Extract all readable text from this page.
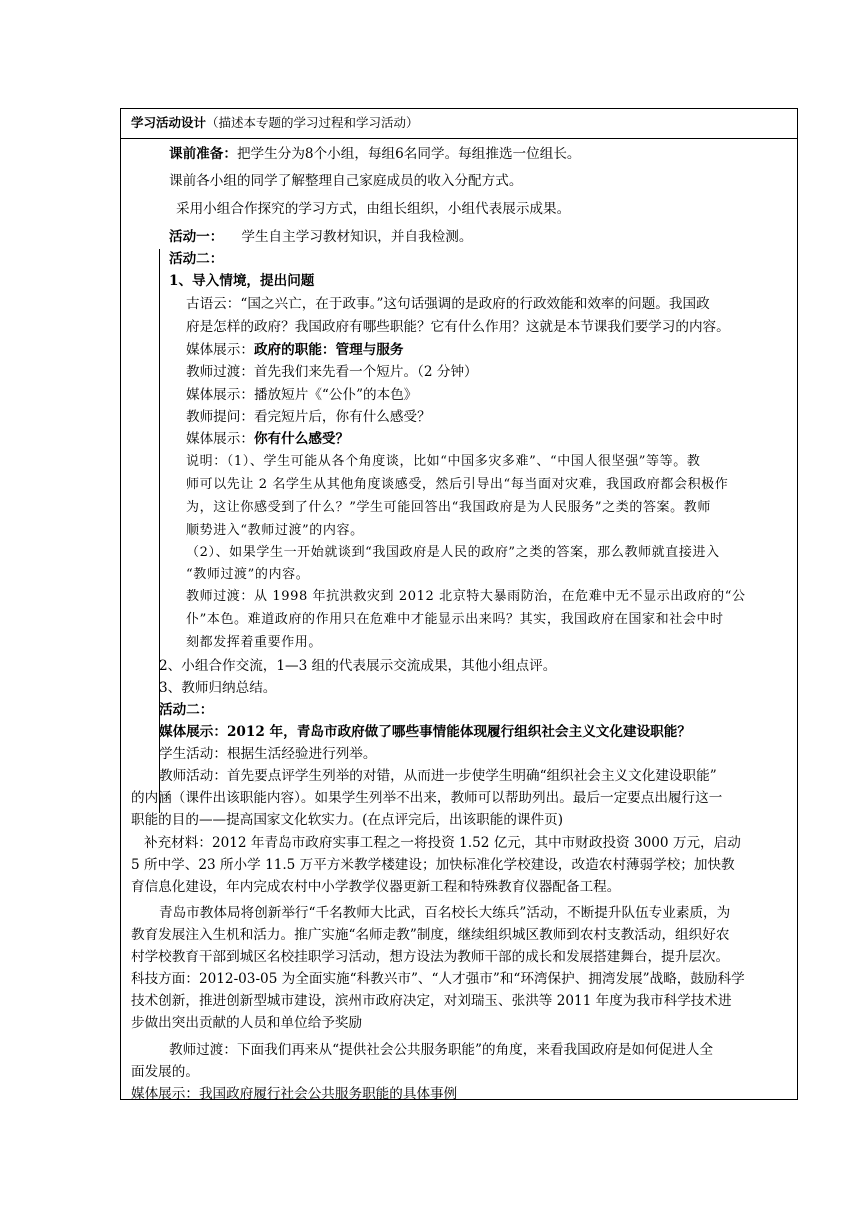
学习活动设计（描述本专题的学习过程和学习活动）
课前准备：把学生分为8个小组，每组6名同学。每组推选一位组长。
课前各小组的同学了解整理自己家庭成员的收入分配方式。
采用小组合作探究的学习方式，由组长组织，小组代表展示成果。
活动一： 学生自主学习教材知识，并自我检测。
活动二：
1、导入情境，提出问题
古语云：“国之兴亡，在于政事。”这句话强调的是政府的行政效能和效率的问题。我国政
府是怎样的政府？我国政府有哪些职能？它有什么作用？这就是本节课我们要学习的内容。
媒体展示：政府的职能：管理与服务
教师过渡：首先我们来先看一个短片。（2 分钟）
媒体展示：播放短片《“公仆”的本色》
教师提问：看完短片后，你有什么感受？
媒体展示：你有什么感受？
说明：（1）、学生可能从各个角度谈，比如“中国多灾多难”、“中国人很坚强”等等。教
师可以先让 2 名学生从其他角度谈感受，然后引导出“每当面对灾难，我国政府都会积极作
为，这让你感受到了什么？”学生可能回答出“我国政府是为人民服务”之类的答案。教师
顺势进入“教师过渡”的内容。
（2）、如果学生一开始就谈到“我国政府是人民的政府”之类的答案，那么教师就直接进入
“教师过渡”的内容。
教师过渡：从 1998 年抗洪救灾到 2012 北京特大暴雨防治，在危难中无不显示出政府的“公
仆”本色。难道政府的作用只在危难中才能显示出来吗？其实，我国政府在国家和社会中时
刻都发挥着重要作用。
2、小组合作交流，1—3 组的代表展示交流成果，其他小组点评。
3、教师归纳总结。
活动二：
媒体展示：2012 年，青岛市政府做了哪些事情能体现履行组织社会主义文化建设职能？
学生活动：根据生活经验进行列举。
教师活动：首先要点评学生列举的对错，从而进一步使学生明确“组织社会主义文化建设职能”
的内涵（课件出该职能内容）。如果学生列举不出来，教师可以帮助列出。最后一定要点出履行这一
职能的目的——提高国家文化软实力。(在点评完后，出该职能的课件页)
补充材料：2012 年青岛市政府实事工程之一将投资 1.52 亿元，其中市财政投资 3000 万元，启动
5 所中学、23 所小学 11.5 万平方米教学楼建设；加快标准化学校建设，改造农村薄弱学校；加快教
育信息化建设，年内完成农村中小学教学仪器更新工程和特殊教育仪器配备工程。
青岛市教体局将创新举行“千名教师大比武，百名校长大练兵”活动，不断提升队伍专业素质，为
教育发展注入生机和活力。推广实施“名师走教”制度，继续组织城区教师到农村支教活动，组织好农
村学校教育干部到城区名校挂职学习活动，想方设法为教师干部的成长和发展搭建舞台，提升层次。
科技方面：2012-03-05 为全面实施“科教兴市”、“人才强市”和“环湾保护、拥湾发展”战略，鼓励科学
技术创新，推进创新型城市建设，滨州市政府决定，对刘瑞玉、张洪等 2011 年度为我市科学技术进
步做出突出贡献的人员和单位给予奖励
教师过渡：下面我们再来从“提供社会公共服务职能”的角度，来看我国政府是如何促进人全
面发展的。
媒体展示：我国政府履行社会公共服务职能的具体事例
